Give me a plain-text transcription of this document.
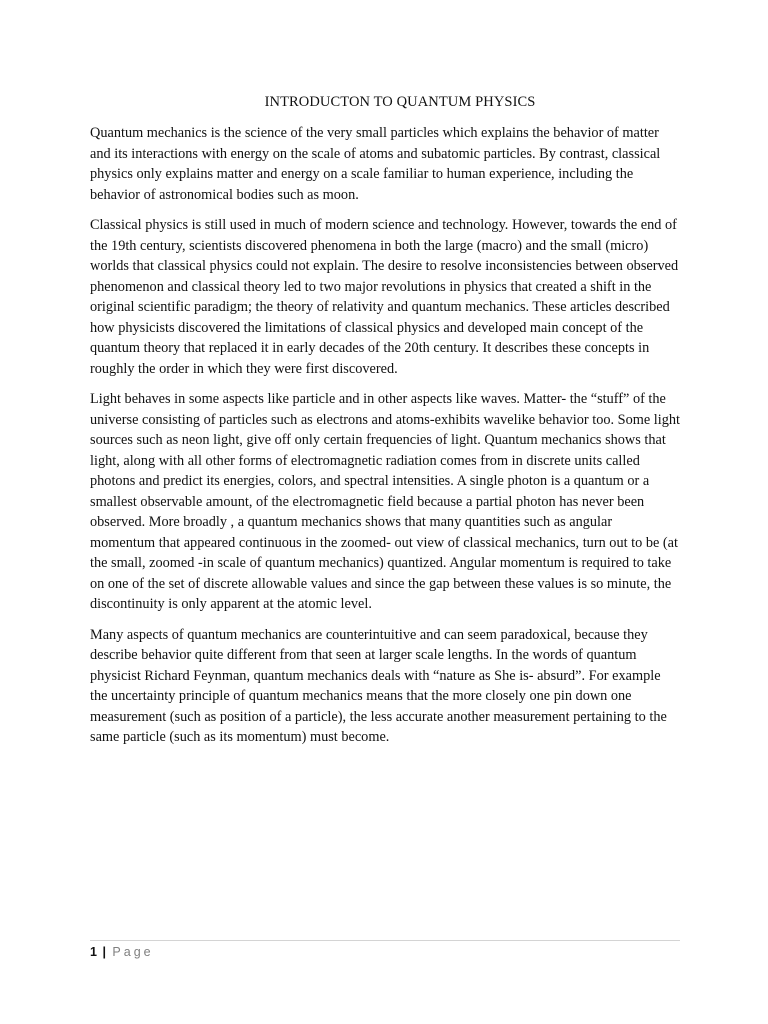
INTRODUCTON TO QUANTUM PHYSICS

Quantum mechanics is the science of the very small particles which explains the behavior of matter and its interactions with energy on the scale of atoms and subatomic particles. By contrast, classical physics only explains matter and energy on a scale familiar to human experience, including the behavior of astronomical bodies such as moon.

Classical physics is still used in much of modern science and technology. However, towards the end of the 19th century, scientists discovered phenomena in both the large (macro) and the small (micro) worlds that classical physics could not explain. The desire to resolve inconsistencies between observed phenomenon and classical theory led to two major revolutions in physics that created a shift in the original scientific paradigm; the theory of relativity and quantum mechanics. These articles described how physicists discovered the limitations of classical physics and developed main concept of the quantum theory that replaced it in early decades of the 20th century. It describes these concepts in roughly the order in which they were first discovered.

Light behaves in some aspects like particle and in other aspects like waves. Matter- the “stuff” of the universe consisting of particles such as electrons and atoms-exhibits wavelike behavior too. Some light sources such as neon light, give off only certain frequencies of light. Quantum mechanics shows that light, along with all other forms of electromagnetic radiation comes from in discrete units called photons and predict its energies, colors, and spectral intensities. A single photon is a quantum or a smallest observable amount, of the electromagnetic field because a partial photon has never been observed. More broadly , a quantum mechanics shows that many quantities such as angular momentum that appeared continuous in the zoomed- out view of classical mechanics, turn out to be (at the small, zoomed -in scale of quantum mechanics) quantized. Angular momentum is required to take on one of the set of discrete allowable values and since the gap between these values is so minute, the discontinuity is only apparent at the atomic level.

Many aspects of quantum mechanics are counterintuitive and can seem paradoxical, because they describe behavior quite different from that seen at larger scale lengths. In the words of quantum physicist Richard Feynman, quantum mechanics deals with “nature as She is- absurd”. For example the uncertainty principle of quantum mechanics means that the more closely one pin down one measurement (such as position of a particle), the less accurate another measurement pertaining to the same particle (such as its momentum) must become.

1 | Page
